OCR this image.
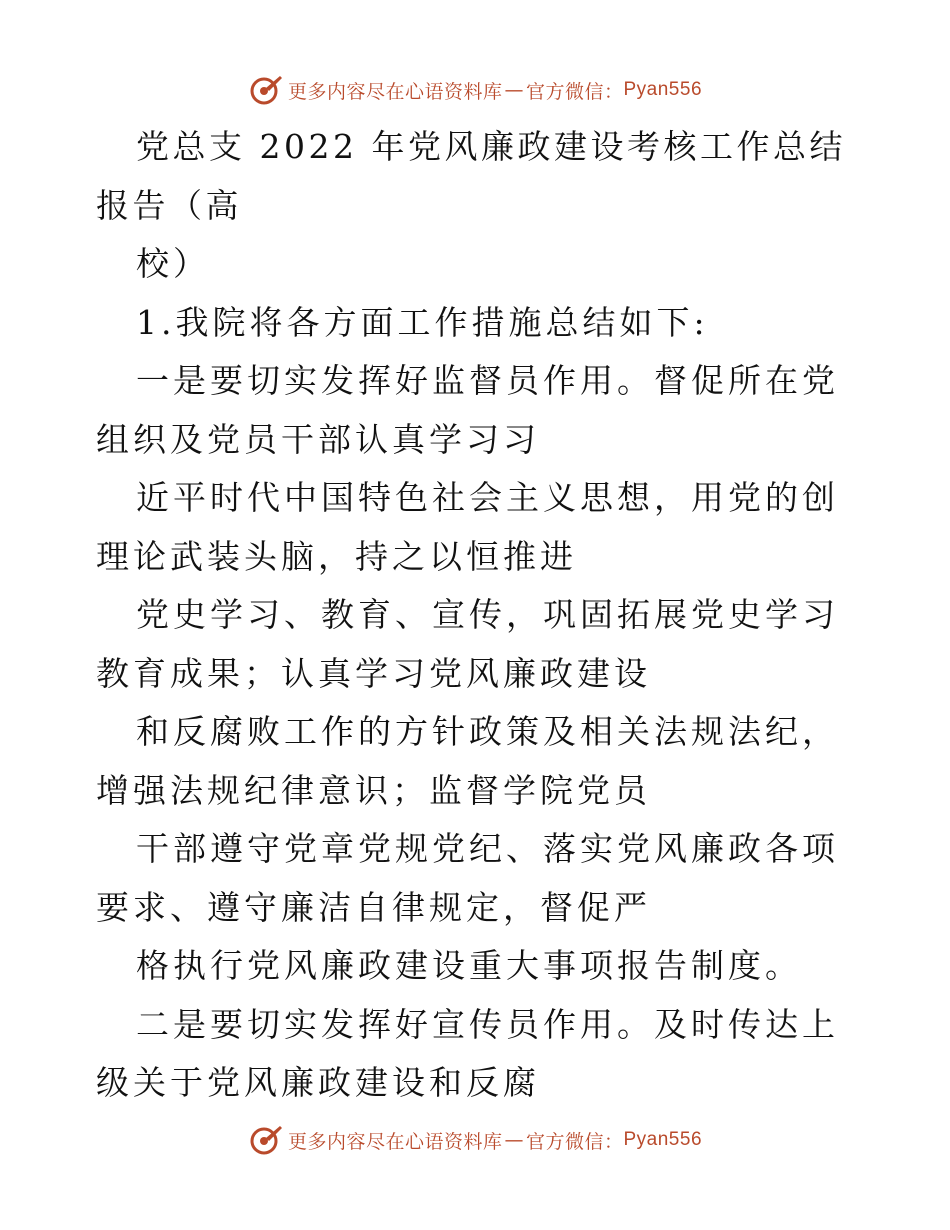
更多内容尽在心语资料库 — 官方微信： Pyan556

党总支 2022 年党风廉政建设考核工作总结报告（高

校）

1.我院将各方面工作措施总结如下:

一是要切实发挥好监督员作用。督促所在党组织及党员干部认真学习习

近平时代中国特色社会主义思想，用党的创理论武装头脑，持之以恒推进

党史学习、教育、宣传，巩固拓展党史学习教育成果；认真学习党风廉政建设

和反腐败工作的方针政策及相关法规法纪，增强法规纪律意识；监督学院党员

干部遵守党章党规党纪、落实党风廉政各项要求、遵守廉洁自律规定，督促严

格执行党风廉政建设重大事项报告制度。

二是要切实发挥好宣传员作用。及时传达上级关于党风廉政建设和反腐

更多内容尽在心语资料库 — 官方微信： Pyan556
